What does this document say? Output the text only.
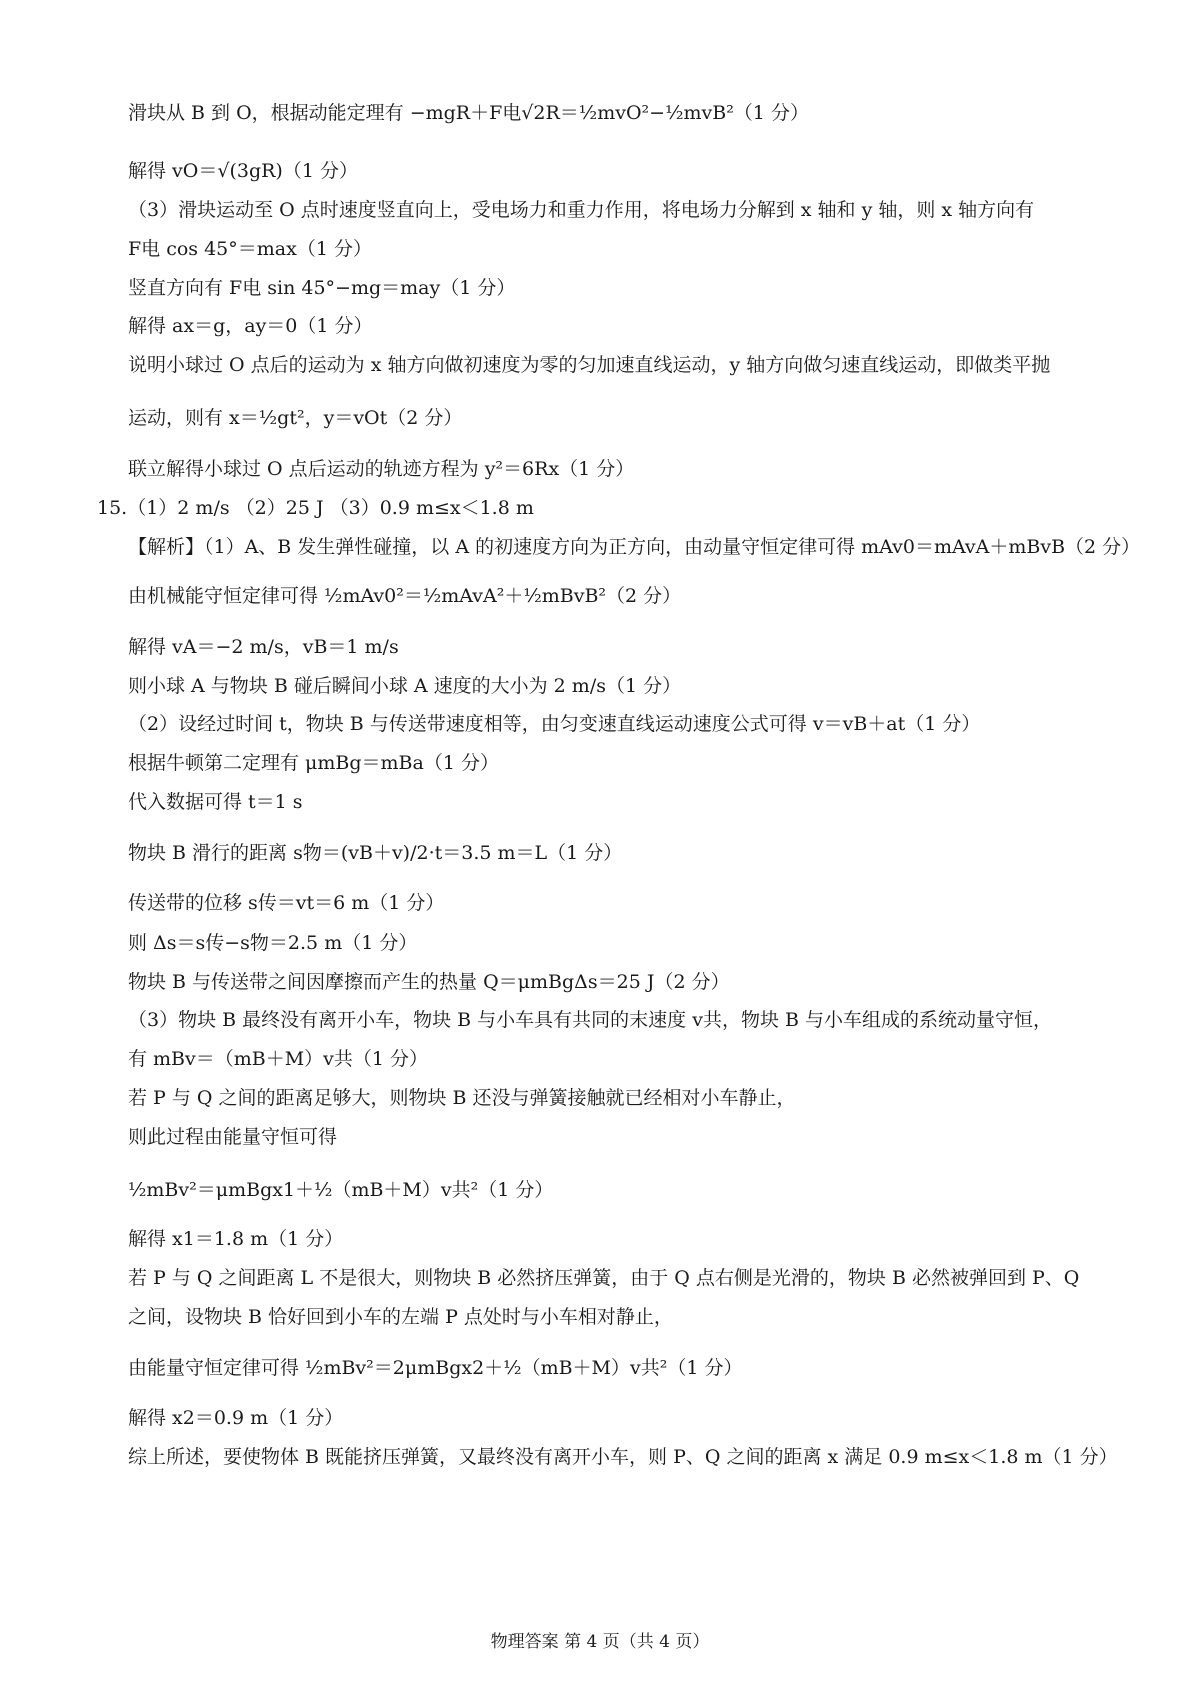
滑块从 B 到 O，根据动能定理有 −mgR＋F电√2R＝½mvO²−½mvB²（1 分）
解得 vO＝√(3gR)（1 分）
（3）滑块运动至 O 点时速度竖直向上，受电场力和重力作用，将电场力分解到 x 轴和 y 轴，则 x 轴方向有
F电 cos 45°＝max（1 分）
竖直方向有 F电 sin 45°−mg＝may（1 分）
解得 ax＝g，ay＝0（1 分）
说明小球过 O 点后的运动为 x 轴方向做初速度为零的匀加速直线运动，y 轴方向做匀速直线运动，即做类平抛
运动，则有 x＝½gt²，y＝vOt（2 分）
联立解得小球过 O 点后运动的轨迹方程为 y²＝6Rx（1 分）
15.（1）2 m/s （2）25 J （3）0.9 m≤x＜1.8 m
【解析】（1）A、B 发生弹性碰撞，以 A 的初速度方向为正方向，由动量守恒定律可得 mAv0＝mAvA＋mBvB（2 分）
由机械能守恒定律可得 ½mAv0²＝½mAvA²＋½mBvB²（2 分）
解得 vA＝−2 m/s，vB＝1 m/s
则小球 A 与物块 B 碰后瞬间小球 A 速度的大小为 2 m/s（1 分）
（2）设经过时间 t，物块 B 与传送带速度相等，由匀变速直线运动速度公式可得 v＝vB＋at（1 分）
根据牛顿第二定理有 μmBg＝mBa（1 分）
代入数据可得 t＝1 s
物块 B 滑行的距离 s物＝(vB＋v)/2·t＝3.5 m＝L（1 分）
传送带的位移 s传＝vt＝6 m（1 分）
则 Δs＝s传−s物＝2.5 m（1 分）
物块 B 与传送带之间因摩擦而产生的热量 Q＝μmBgΔs＝25 J（2 分）
（3）物块 B 最终没有离开小车，物块 B 与小车具有共同的末速度 v共，物块 B 与小车组成的系统动量守恒，
有 mBv＝（mB＋M）v共（1 分）
若 P 与 Q 之间的距离足够大，则物块 B 还没与弹簧接触就已经相对小车静止，
则此过程由能量守恒可得
½mBv²＝μmBgx1＋½（mB＋M）v共²（1 分）
解得 x1＝1.8 m（1 分）
若 P 与 Q 之间距离 L 不是很大，则物块 B 必然挤压弹簧，由于 Q 点右侧是光滑的，物块 B 必然被弹回到 P、Q
之间，设物块 B 恰好回到小车的左端 P 点处时与小车相对静止，
由能量守恒定律可得 ½mBv²＝2μmBgx2＋½（mB＋M）v共²（1 分）
解得 x2＝0.9 m（1 分）
综上所述，要使物体 B 既能挤压弹簧，又最终没有离开小车，则 P、Q 之间的距离 x 满足 0.9 m≤x＜1.8 m（1 分）
物理答案 第 4 页（共 4 页）
